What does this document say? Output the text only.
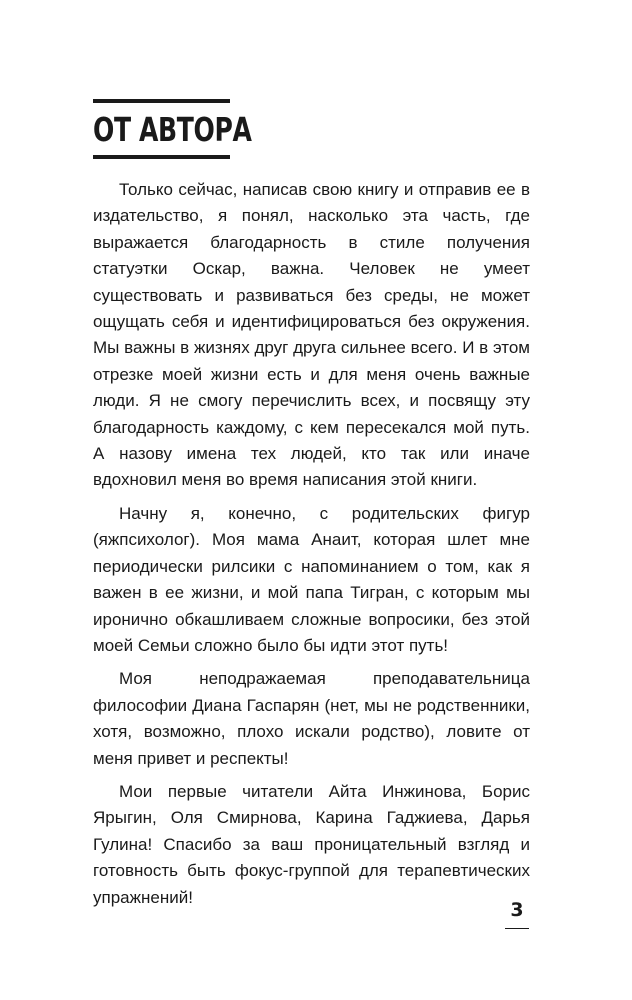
ОТ АВТОРА

Только сейчас, написав свою книгу и отправив ее в издательство, я понял, насколько эта часть, где выражается благодарность в стиле получения статуэтки Оскар, важна. Человек не умеет существовать и развиваться без среды, не может ощущать себя и идентифицироваться без окружения. Мы важны в жизнях друг друга сильнее всего. И в этом отрезке моей жизни есть и для меня очень важные люди. Я не смогу перечислить всех, и посвящу эту благодарность каждому, с кем пересекался мой путь. А назову имена тех людей, кто так или иначе вдохновил меня во время написания этой книги.

Начну я, конечно, с родительских фигур (яжпсихолог). Моя мама Анаит, которая шлет мне периодически рилсики с напоминанием о том, как я важен в ее жизни, и мой папа Тигран, с которым мы иронично обкашливаем сложные вопросики, без этой моей Семьи сложно было бы идти этот путь!

Моя неподражаемая преподавательница философии Диана Гаспарян (нет, мы не родственники, хотя, возможно, плохо искали родство), ловите от меня привет и респекты!

Мои первые читатели Айта Инжинова, Борис Ярыгин, Оля Смирнова, Карина Гаджиева, Дарья Гулина! Спасибо за ваш проницательный взгляд и готовность быть фокус-группой для терапевтических упражнений!

3
